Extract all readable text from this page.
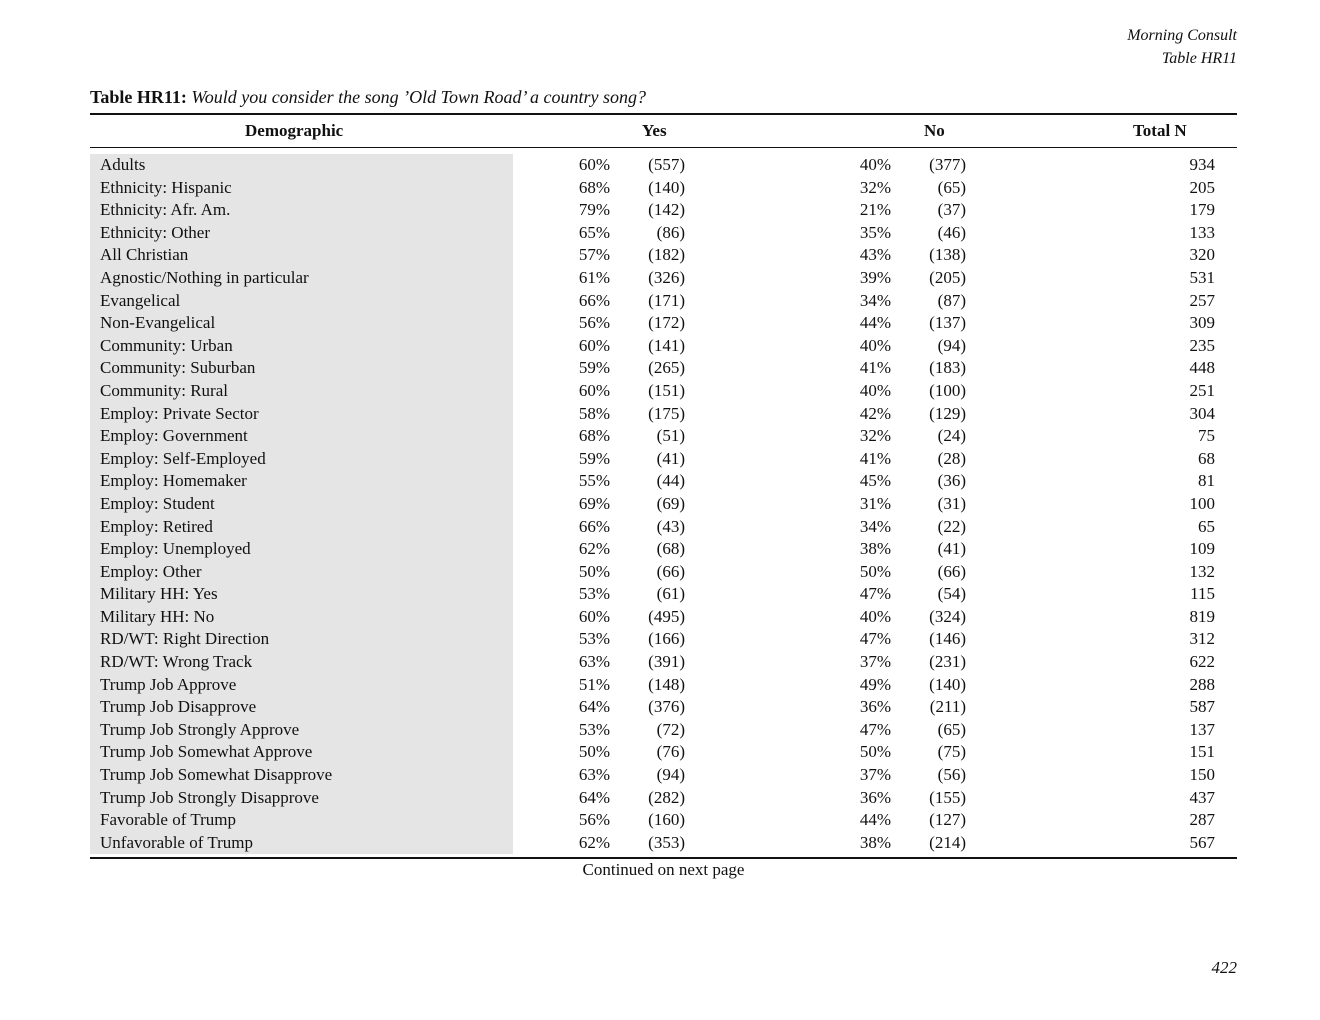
Morning Consult
Table HR11
Table HR11: Would you consider the song ’Old Town Road’ a country song?
Demographic	Yes	No	Total N
Adults	60% (557)	40% (377)	934
Ethnicity: Hispanic	68% (140)	32%	(65)	205
Ethnicity: Afr. Am.	79% (142)	21%	(37)	179
Ethnicity: Other	65%	(86)	35%	(46)	133
All Christian	57% (182)	43% (138)	320
Agnostic/Nothing in particular	61% (326)	39% (205)	531
Evangelical	66% (171)	34%	(87)	257
Non-Evangelical	56% (172)	44% (137)	309
Community: Urban	60% (141)	40%	(94)	235
Community: Suburban	59% (265)	41% (183)	448
Community: Rural	60% (151)	40% (100)	251
Employ: Private Sector	58% (175)	42% (129)	304
Employ: Government	68%	(51)	32%	(24)	75
Employ: Self-Employed	59%	(41)	41%	(28)	68
Employ: Homemaker	55%	(44)	45%	(36)	81
Employ: Student	69%	(69)	31%	(31)	100
Employ: Retired	66%	(43)	34%	(22)	65
Employ: Unemployed	62%	(68)	38%	(41)	109
Employ: Other	50%	(66)	50%	(66)	132
Military HH: Yes	53%	(61)	47%	(54)	115
Military HH: No	60% (495)	40% (324)	819
RD/WT: Right Direction	53% (166)	47% (146)	312
RD/WT: Wrong Track	63% (391)	37% (231)	622
Trump Job Approve	51% (148)	49% (140)	288
Trump Job Disapprove	64% (376)	36% (211)	587
Trump Job Strongly Approve	53%	(72)	47%	(65)	137
Trump Job Somewhat Approve	50%	(76)	50%	(75)	151
Trump Job Somewhat Disapprove	63%	(94)	37%	(56)	150
Trump Job Strongly Disapprove	64% (282)	36% (155)	437
Favorable of Trump	56% (160)	44% (127)	287
Unfavorable of Trump	62% (353)	38% (214)	567
Continued on next page
422
